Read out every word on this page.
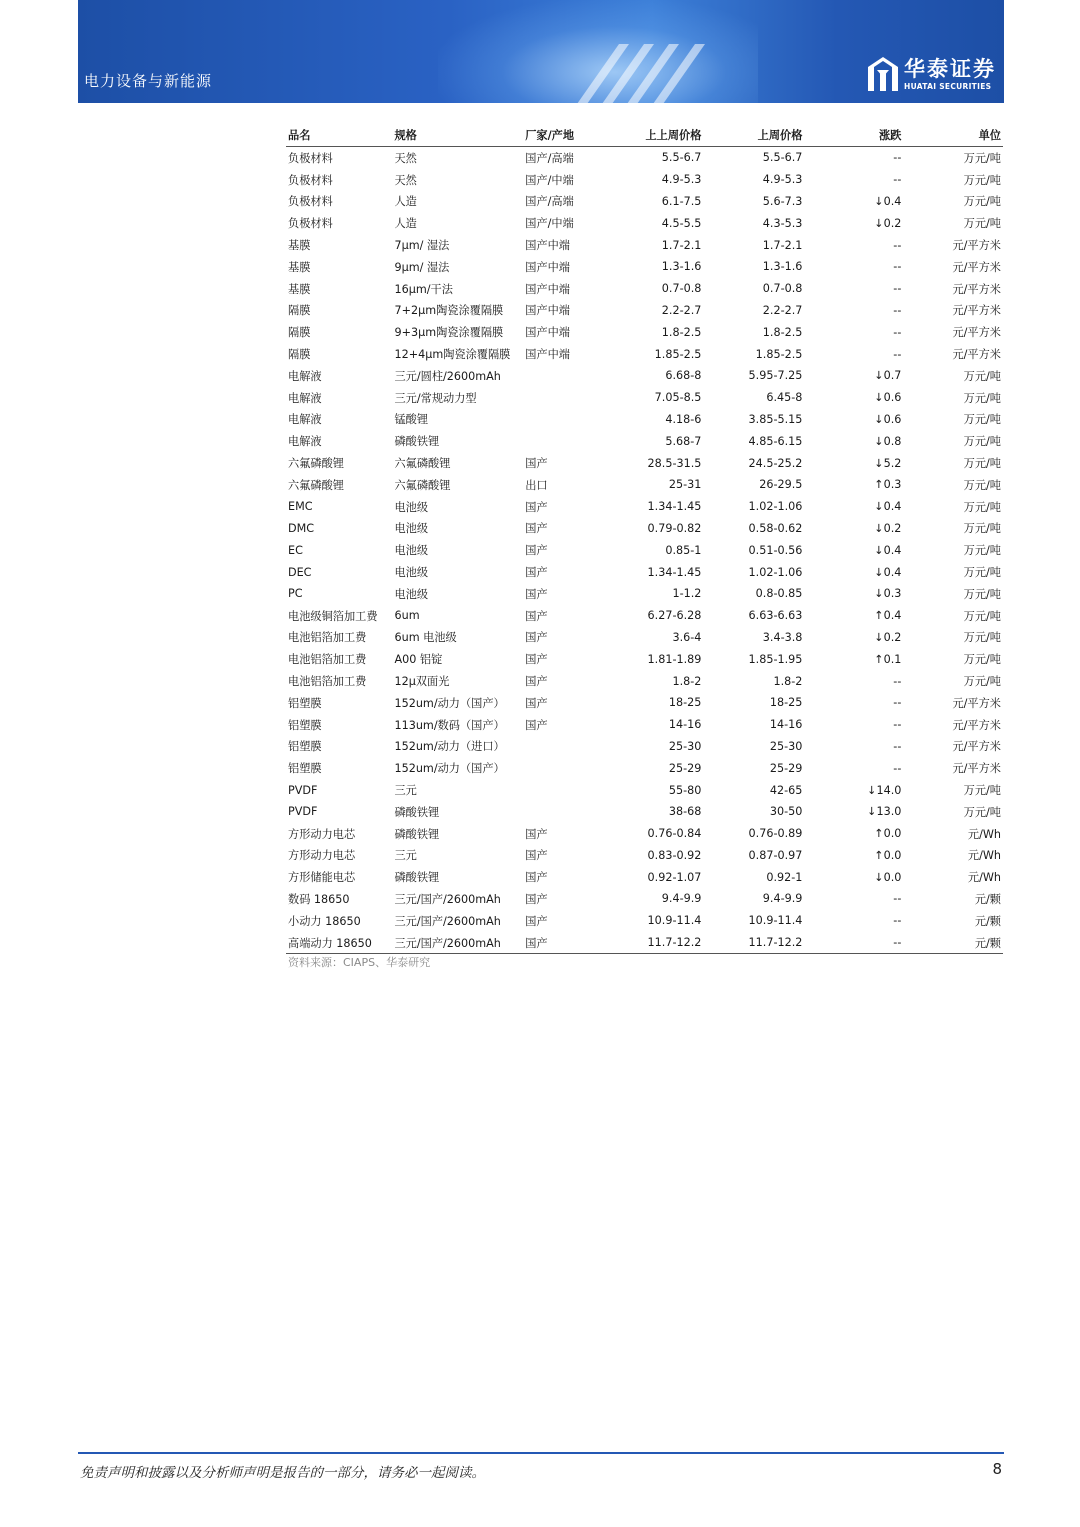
电力设备与新能源
华泰证券
HUATAI SECURITIES
品名	规格	厂家/产地	上上周价格	上周价格	涨跌	单位
负极材料	天然	国产/高端	5.5-6.7	5.5-6.7	--	万元/吨
负极材料	天然	国产/中端	4.9-5.3	4.9-5.3	--	万元/吨
负极材料	人造	国产/高端	6.1-7.5	5.6-7.3	↓0.4	万元/吨
负极材料	人造	国产/中端	4.5-5.5	4.3-5.3	↓0.2	万元/吨
基膜	7μm/ 湿法	国产中端	1.7-2.1	1.7-2.1	--	元/平方米
基膜	9μm/ 湿法	国产中端	1.3-1.6	1.3-1.6	--	元/平方米
基膜	16μm/干法	国产中端	0.7-0.8	0.7-0.8	--	元/平方米
隔膜	7+2μm陶瓷涂覆隔膜	国产中端	2.2-2.7	2.2-2.7	--	元/平方米
隔膜	9+3μm陶瓷涂覆隔膜	国产中端	1.8-2.5	1.8-2.5	--	元/平方米
隔膜	12+4μm陶瓷涂覆隔膜	国产中端	1.85-2.5	1.85-2.5	--	元/平方米
电解液	三元/圆柱/2600mAh		6.68-8	5.95-7.25	↓0.7	万元/吨
电解液	三元/常规动力型		7.05-8.5	6.45-8	↓0.6	万元/吨
电解液	锰酸锂		4.18-6	3.85-5.15	↓0.6	万元/吨
电解液	磷酸铁锂		5.68-7	4.85-6.15	↓0.8	万元/吨
六氟磷酸锂	六氟磷酸锂	国产	28.5-31.5	24.5-25.2	↓5.2	万元/吨
六氟磷酸锂	六氟磷酸锂	出口	25-31	26-29.5	↑0.3	万元/吨
EMC	电池级	国产	1.34-1.45	1.02-1.06	↓0.4	万元/吨
DMC	电池级	国产	0.79-0.82	0.58-0.62	↓0.2	万元/吨
EC	电池级	国产	0.85-1	0.51-0.56	↓0.4	万元/吨
DEC	电池级	国产	1.34-1.45	1.02-1.06	↓0.4	万元/吨
PC	电池级	国产	1-1.2	0.8-0.85	↓0.3	万元/吨
电池级铜箔加工费	6um	国产	6.27-6.28	6.63-6.63	↑0.4	万元/吨
电池铝箔加工费	6um 电池级	国产	3.6-4	3.4-3.8	↓0.2	万元/吨
电池铝箔加工费	A00 铝锭	国产	1.81-1.89	1.85-1.95	↑0.1	万元/吨
电池铝箔加工费	12μ双面光	国产	1.8-2	1.8-2	--	万元/吨
铝塑膜	152um/动力（国产）	国产	18-25	18-25	--	元/平方米
铝塑膜	113um/数码（国产）	国产	14-16	14-16	--	元/平方米
铝塑膜	152um/动力（进口）		25-30	25-30	--	元/平方米
铝塑膜	152um/动力（国产）		25-29	25-29	--	元/平方米
PVDF	三元		55-80	42-65	↓14.0	万元/吨
PVDF	磷酸铁锂		38-68	30-50	↓13.0	万元/吨
方形动力电芯	磷酸铁锂	国产	0.76-0.84	0.76-0.89	↑0.0	元/Wh
方形动力电芯	三元	国产	0.83-0.92	0.87-0.97	↑0.0	元/Wh
方形储能电芯	磷酸铁锂	国产	0.92-1.07	0.92-1	↓0.0	元/Wh
数码 18650	三元/国产/2600mAh	国产	9.4-9.9	9.4-9.9	--	元/颗
小动力 18650	三元/国产/2600mAh	国产	10.9-11.4	10.9-11.4	--	元/颗
高端动力 18650	三元/国产/2600mAh	国产	11.7-12.2	11.7-12.2	--	元/颗
资料来源：CIAPS、华泰研究
免责声明和披露以及分析师声明是报告的一部分，请务必一起阅读。	8
